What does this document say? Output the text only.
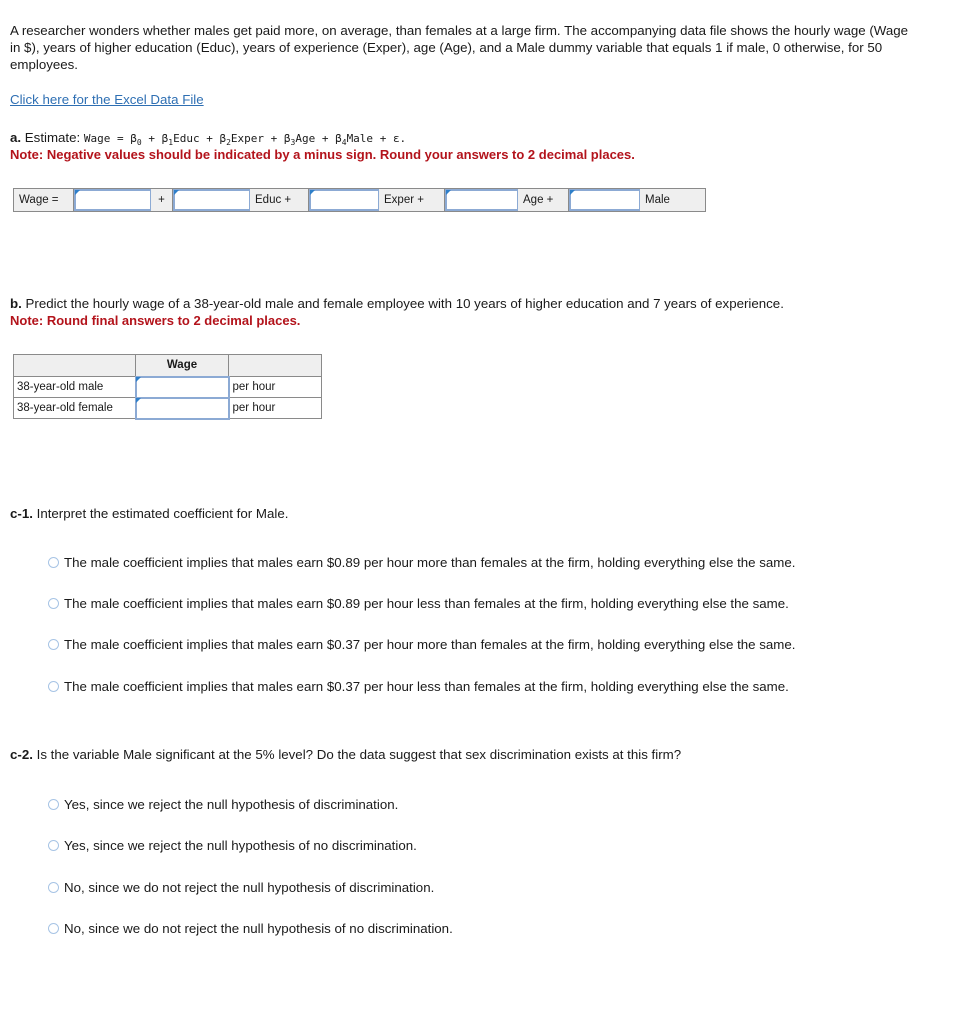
A researcher wonders whether males get paid more, on average, than females at a large firm. The accompanying data file shows the hourly wage (Wage in $), years of higher education (Educ), years of experience (Exper), age (Age), and a Male dummy variable that equals 1 if male, 0 otherwise, for 50 employees.
Click here for the Excel Data File
a. Estimate: Wage = $\beta_0$ + $\beta_1Educ$ + $\beta_2Exper + \beta_3Age$ + $\beta_4Male + \varepsilon$.
Note: Negative values should be indicated by a minus sign. Round your answers to 2 decimal places.
Wage =	+	Educ +	Exper +	Age +	Male
b. Predict the hourly wage of a 38-year-old male and female employee with 10 years of higher education and 7 years of experience.
Note: Round final answers to 2 decimal places.
	Wage	
38-year-old male		per hour
38-year-old female		per hour
c-1. Interpret the estimated coefficient for Male.
The male coefficient implies that males earn $0.89 per hour more than females at the firm, holding everything else the same.
The male coefficient implies that males earn $0.89 per hour less than females at the firm, holding everything else the same.
The male coefficient implies that males earn $0.37 per hour more than females at the firm, holding everything else the same.
The male coefficient implies that males earn $0.37 per hour less than females at the firm, holding everything else the same.
c-2. Is the variable Male significant at the 5% level? Do the data suggest that sex discrimination exists at this firm?
Yes, since we reject the null hypothesis of discrimination.
Yes, since we reject the null hypothesis of no discrimination.
No, since we do not reject the null hypothesis of discrimination.
No, since we do not reject the null hypothesis of no discrimination.
